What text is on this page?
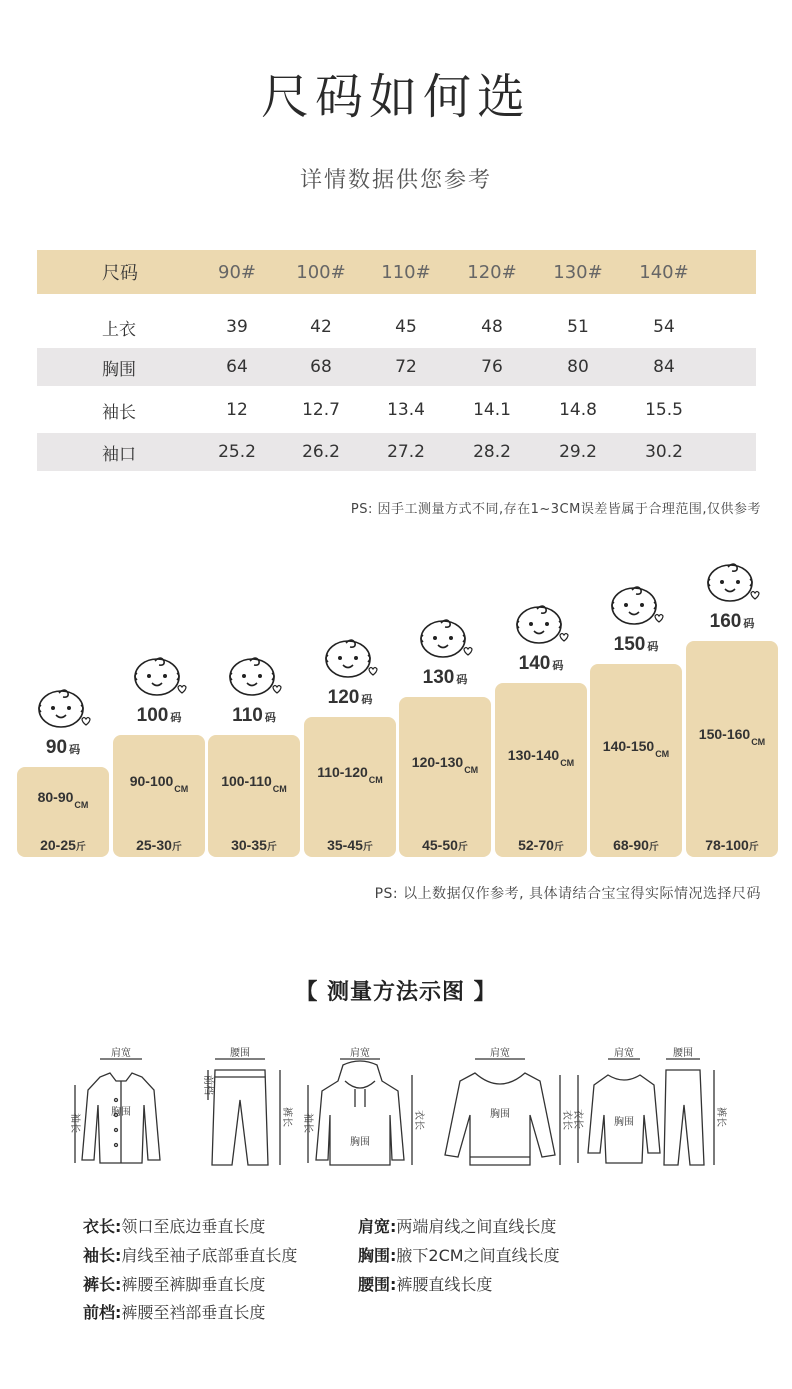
尺码如何选
详情数据供您参考
尺码	90#	100#	110#	120#	130#	140#
上衣	39	42	45	48	51	54
胸围	64	68	72	76	80	84
袖长	12	12.7	13.4	14.1	14.8	15.5
袖口	25.2	26.2	27.2	28.2	29.2	30.2
PS: 因手工测量方式不同,存在1~3CM误差皆属于合理范围,仅供参考
$80-90_{CM}$
20-25斤
90 码
$90-100_{CM}$
25-30斤
100 码
$100-110_{CM}$
30-35斤
110 码
$110-120_{CM}$
35-45斤
120 码
$120-130_{CM}$
45-50斤
130 码
$130-140_{CM}$
52-70斤
140 码
$140-150_{CM}$
68-90斤
150 码
$150-160_{CM}$
78-100斤
160 码
PS: 以上数据仅作参考, 具体请结合宝宝得实际情况选择尺码
【 测量方法示图 】
肩宽
胸围
腰围	肩宽
胸围
肩宽
胸围
肩宽
胸围
腰围
袖长
前档
裤长 袖长	衣长	衣长 衣长	裤长
衣长:领口至底边垂直长度
袖长:肩线至袖子底部垂直长度
裤长:裤腰至裤脚垂直长度
前档:裤腰至裆部垂直长度
肩宽:两端肩线之间直线长度
胸围:腋下2CM之间直线长度
腰围:裤腰直线长度
